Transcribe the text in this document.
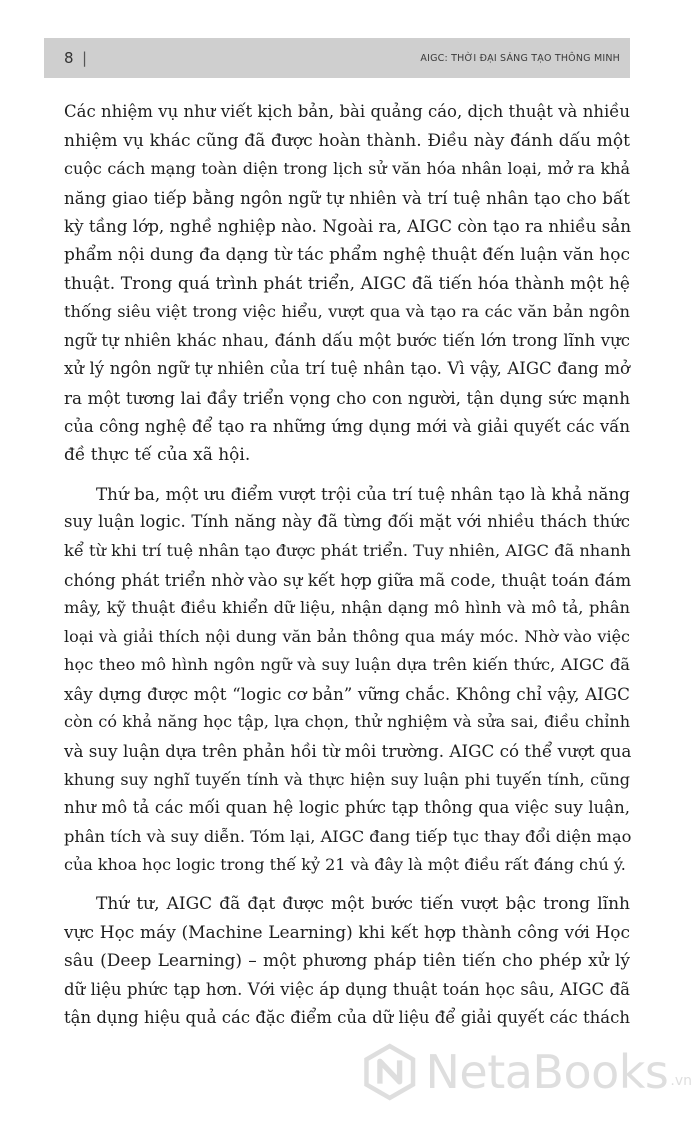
8 |	AIGC: THỜI ĐẠI SÁNG TẠO THÔNG MINH

Các nhiệm vụ như viết kịch bản, bài quảng cáo, dịch thuật và nhiều
nhiệm vụ khác cũng đã được hoàn thành. Điều này đánh dấu một
cuộc cách mạng toàn diện trong lịch sử văn hóa nhân loại, mở ra khả
năng giao tiếp bằng ngôn ngữ tự nhiên và trí tuệ nhân tạo cho bất
kỳ tầng lớp, nghề nghiệp nào. Ngoài ra, AIGC còn tạo ra nhiều sản
phẩm nội dung đa dạng từ tác phẩm nghệ thuật đến luận văn học
thuật. Trong quá trình phát triển, AIGC đã tiến hóa thành một hệ
thống siêu việt trong việc hiểu, vượt qua và tạo ra các văn bản ngôn
ngữ tự nhiên khác nhau, đánh dấu một bước tiến lớn trong lĩnh vực
xử lý ngôn ngữ tự nhiên của trí tuệ nhân tạo. Vì vậy, AIGC đang mở
ra một tương lai đầy triển vọng cho con người, tận dụng sức mạnh
của công nghệ để tạo ra những ứng dụng mới và giải quyết các vấn
đề thực tế của xã hội.

Thứ ba, một ưu điểm vượt trội của trí tuệ nhân tạo là khả năng
suy luận logic. Tính năng này đã từng đối mặt với nhiều thách thức
kể từ khi trí tuệ nhân tạo được phát triển. Tuy nhiên, AIGC đã nhanh
chóng phát triển nhờ vào sự kết hợp giữa mã code, thuật toán đám
mây, kỹ thuật điều khiển dữ liệu, nhận dạng mô hình và mô tả, phân
loại và giải thích nội dung văn bản thông qua máy móc. Nhờ vào việc
học theo mô hình ngôn ngữ và suy luận dựa trên kiến thức, AIGC đã
xây dựng được một “logic cơ bản” vững chắc. Không chỉ vậy, AIGC
còn có khả năng học tập, lựa chọn, thử nghiệm và sửa sai, điều chỉnh
và suy luận dựa trên phản hồi từ môi trường. AIGC có thể vượt qua
khung suy nghĩ tuyến tính và thực hiện suy luận phi tuyến tính, cũng
như mô tả các mối quan hệ logic phức tạp thông qua việc suy luận,
phân tích và suy diễn. Tóm lại, AIGC đang tiếp tục thay đổi diện mạo
của khoa học logic trong thế kỷ 21 và đây là một điều rất đáng chú ý.

Thứ tư, AIGC đã đạt được một bước tiến vượt bậc trong lĩnh
vực Học máy (Machine Learning) khi kết hợp thành công với Học
sâu (Deep Learning) – một phương pháp tiên tiến cho phép xử lý
dữ liệu phức tạp hơn. Với việc áp dụng thuật toán học sâu, AIGC đã
tận dụng hiệu quả các đặc điểm của dữ liệu để giải quyết các thách

NetaBooks .vn
